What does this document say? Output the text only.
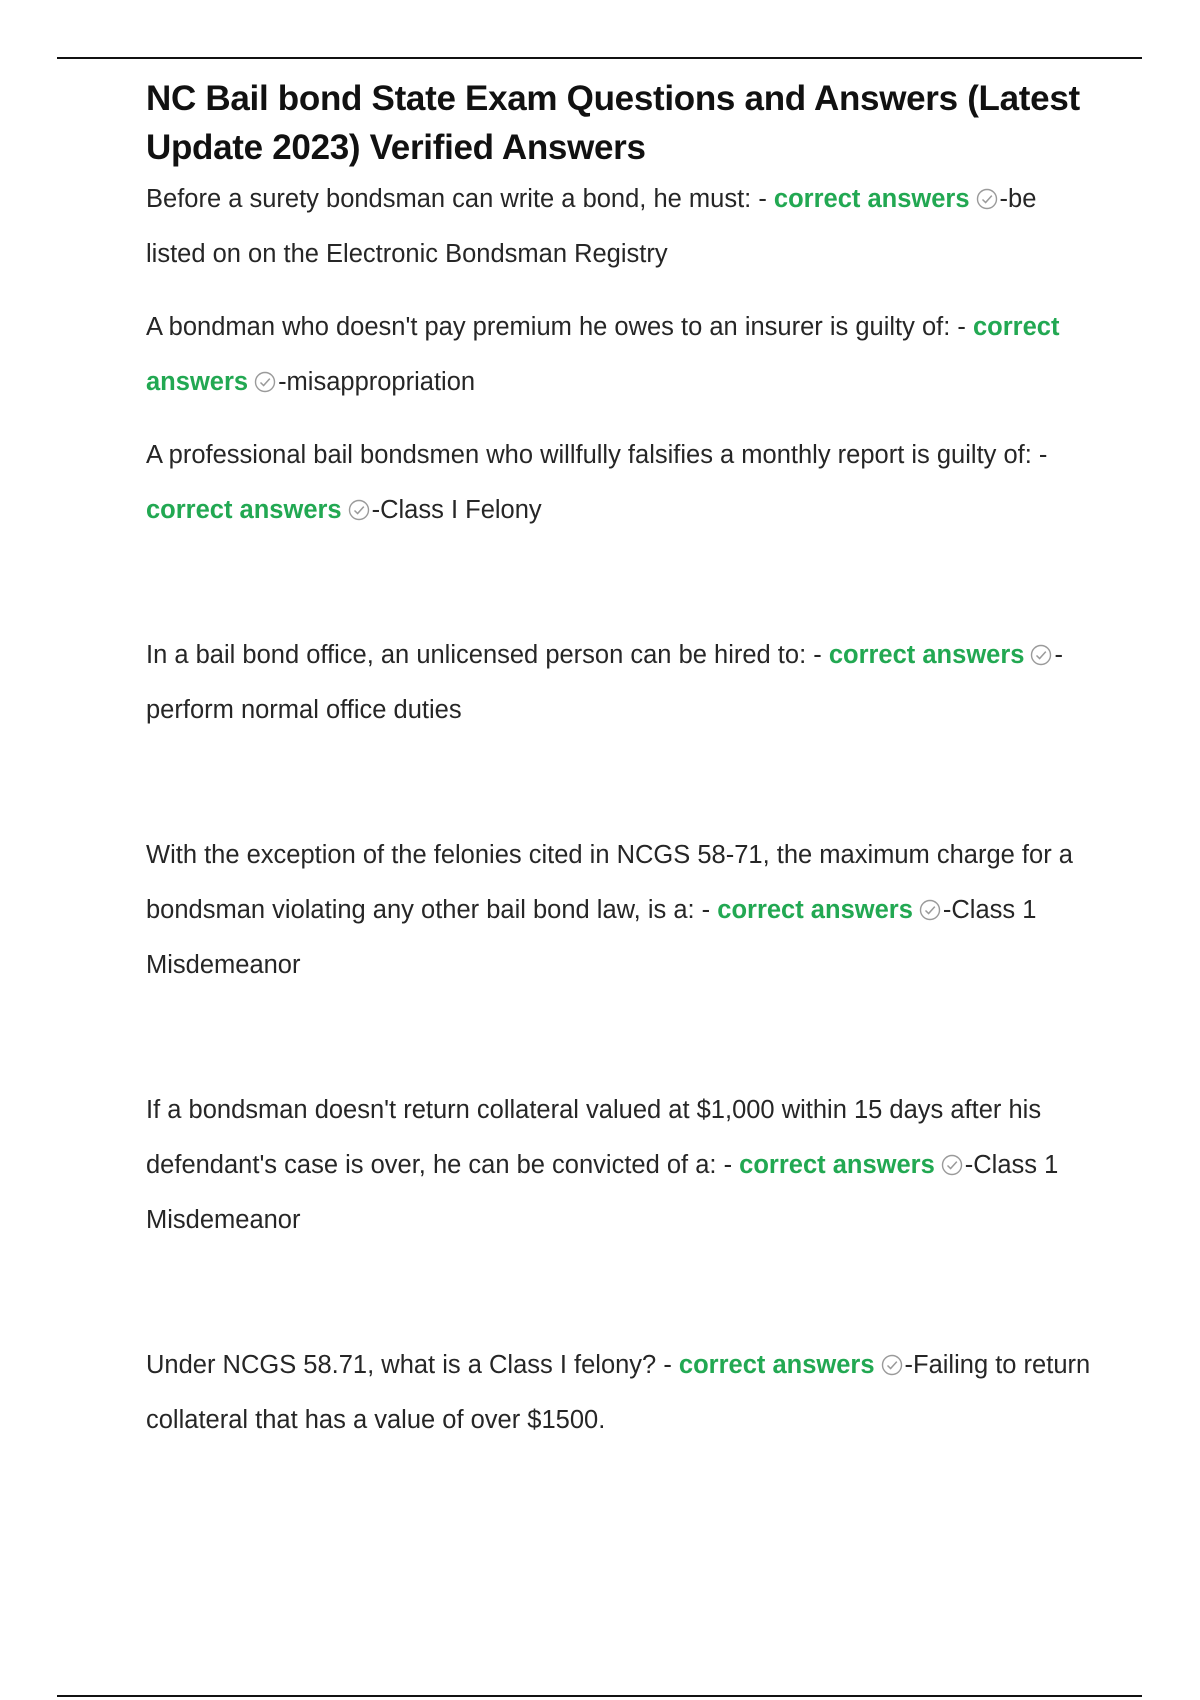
NC Bail bond State Exam Questions and Answers (Latest Update 2023) Verified Answers

Before a surety bondsman can write a bond, he must: - correct answers -be listed on on the Electronic Bondsman Registry

A bondman who doesn't pay premium he owes to an insurer is guilty of: - correct answers -misappropriation

A professional bail bondsmen who willfully falsifies a monthly report is guilty of: - correct answers -Class I Felony

In a bail bond office, an unlicensed person can be hired to: - correct answers -perform normal office duties

With the exception of the felonies cited in NCGS 58-71, the maximum charge for a bondsman violating any other bail bond law, is a: - correct answers -Class 1 Misdemeanor

If a bondsman doesn't return collateral valued at $1,000 within 15 days after his defendant's case is over, he can be convicted of a: - correct answers -Class 1 Misdemeanor

Under NCGS 58.71, what is a Class I felony? - correct answers -Failing to return collateral that has a value of over $1500.
